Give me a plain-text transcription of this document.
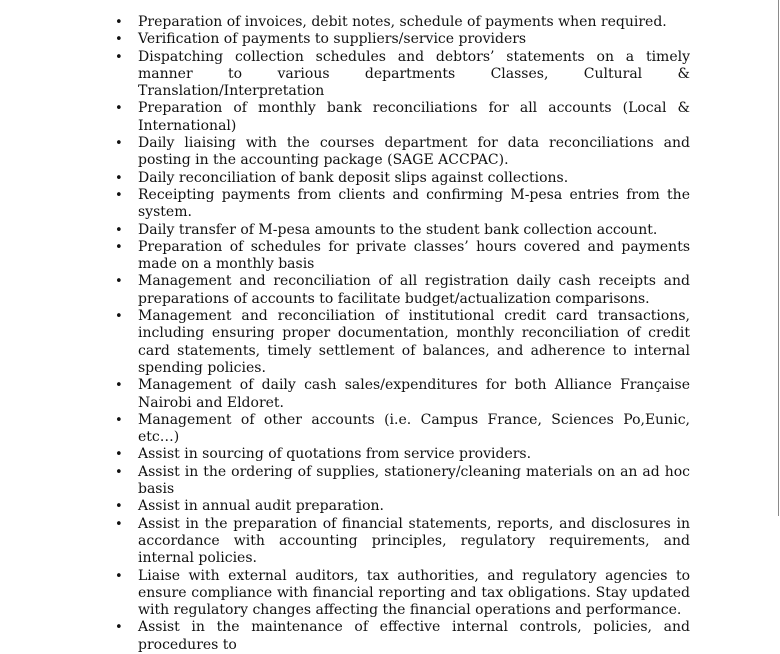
• Preparation of invoices, debit notes, schedule of payments when required.
• Verification of payments to suppliers/service providers
• Dispatching collection schedules and debtors’ statements on a timely manner to various departments Classes, Cultural & Translation/Interpretation
• Preparation of monthly bank reconciliations for all accounts (Local & International)
• Daily liaising with the courses department for data reconciliations and posting in the accounting package (SAGE ACCPAC).
• Daily reconciliation of bank deposit slips against collections.
• Receipting payments from clients and confirming M-pesa entries from the system.
• Daily transfer of M-pesa amounts to the student bank collection account.
• Preparation of schedules for private classes’ hours covered and payments made on a monthly basis
• Management and reconciliation of all registration daily cash receipts and preparations of accounts to facilitate budget/actualization comparisons.
• Management and reconciliation of institutional credit card transactions, including ensuring proper documentation, monthly reconciliation of credit card statements, timely settlement of balances, and adherence to internal spending policies.
• Management of daily cash sales/expenditures for both Alliance Française Nairobi and Eldoret.
• Management of other accounts (i.e. Campus France, Sciences Po,Eunic, etc…)
• Assist in sourcing of quotations from service providers.
• Assist in the ordering of supplies, stationery/cleaning materials on an ad hoc basis
• Assist in annual audit preparation.
• Assist in the preparation of financial statements, reports, and disclosures in accordance with accounting principles, regulatory requirements, and internal policies.
• Liaise with external auditors, tax authorities, and regulatory agencies to ensure compliance with financial reporting and tax obligations. Stay updated with regulatory changes affecting the financial operations and performance.
• Assist in the maintenance of effective internal controls, policies, and procedures to
